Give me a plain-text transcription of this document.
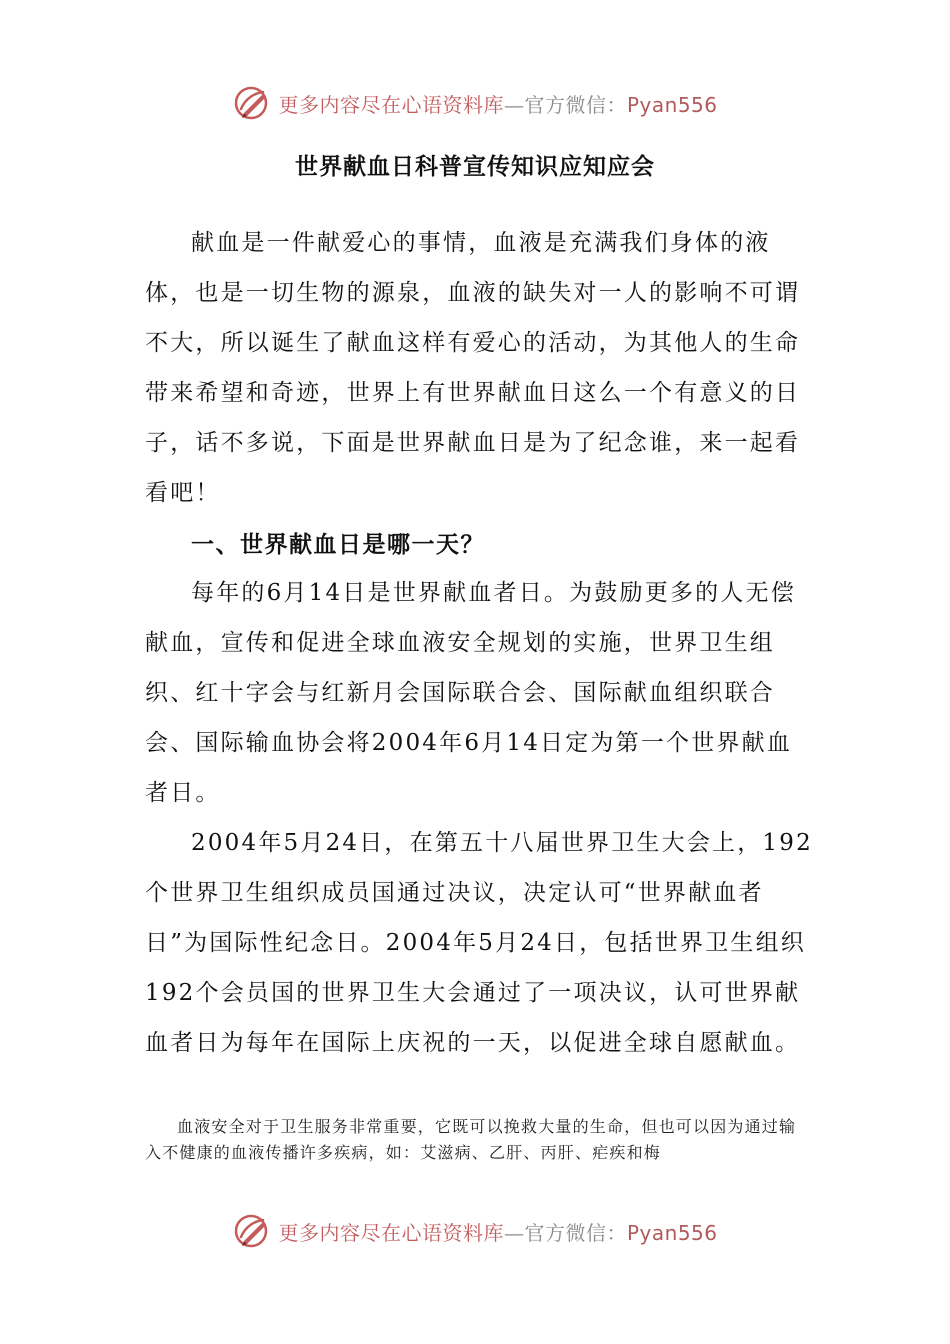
更多内容尽在心语资料库—官方微信：Pyan556
世界献血日科普宣传知识应知应会

献血是一件献爱心的事情，血液是充满我们身体的液体，也是一切生物的源泉，血液的缺失对一人的影响不可谓不大，所以诞生了献血这样有爱心的活动，为其他人的生命带来希望和奇迹，世界上有世界献血日这么一个有意义的日子，话不多说，下面是世界献血日是为了纪念谁，来一起看看吧！

一、世界献血日是哪一天？

每年的6月14日是世界献血者日。为鼓励更多的人无偿献血，宣传和促进全球血液安全规划的实施，世界卫生组织、红十字会与红新月会国际联合会、国际献血组织联合会、国际输血协会将2004年6月14日定为第一个世界献血者日。

2004年5月24日，在第五十八届世界卫生大会上，192个世界卫生组织成员国通过决议，决定认可“世界献血者日”为国际性纪念日。2004年5月24日，包括世界卫生组织192个会员国的世界卫生大会通过了一项决议，认可世界献血者日为每年在国际上庆祝的一天，以促进全球自愿献血。

血液安全对于卫生服务非常重要，它既可以挽救大量的生命，但也可以因为通过输入不健康的血液传播许多疾病，如：艾滋病、乙肝、丙肝、疟疾和梅

更多内容尽在心语资料库—官方微信：Pyan556
